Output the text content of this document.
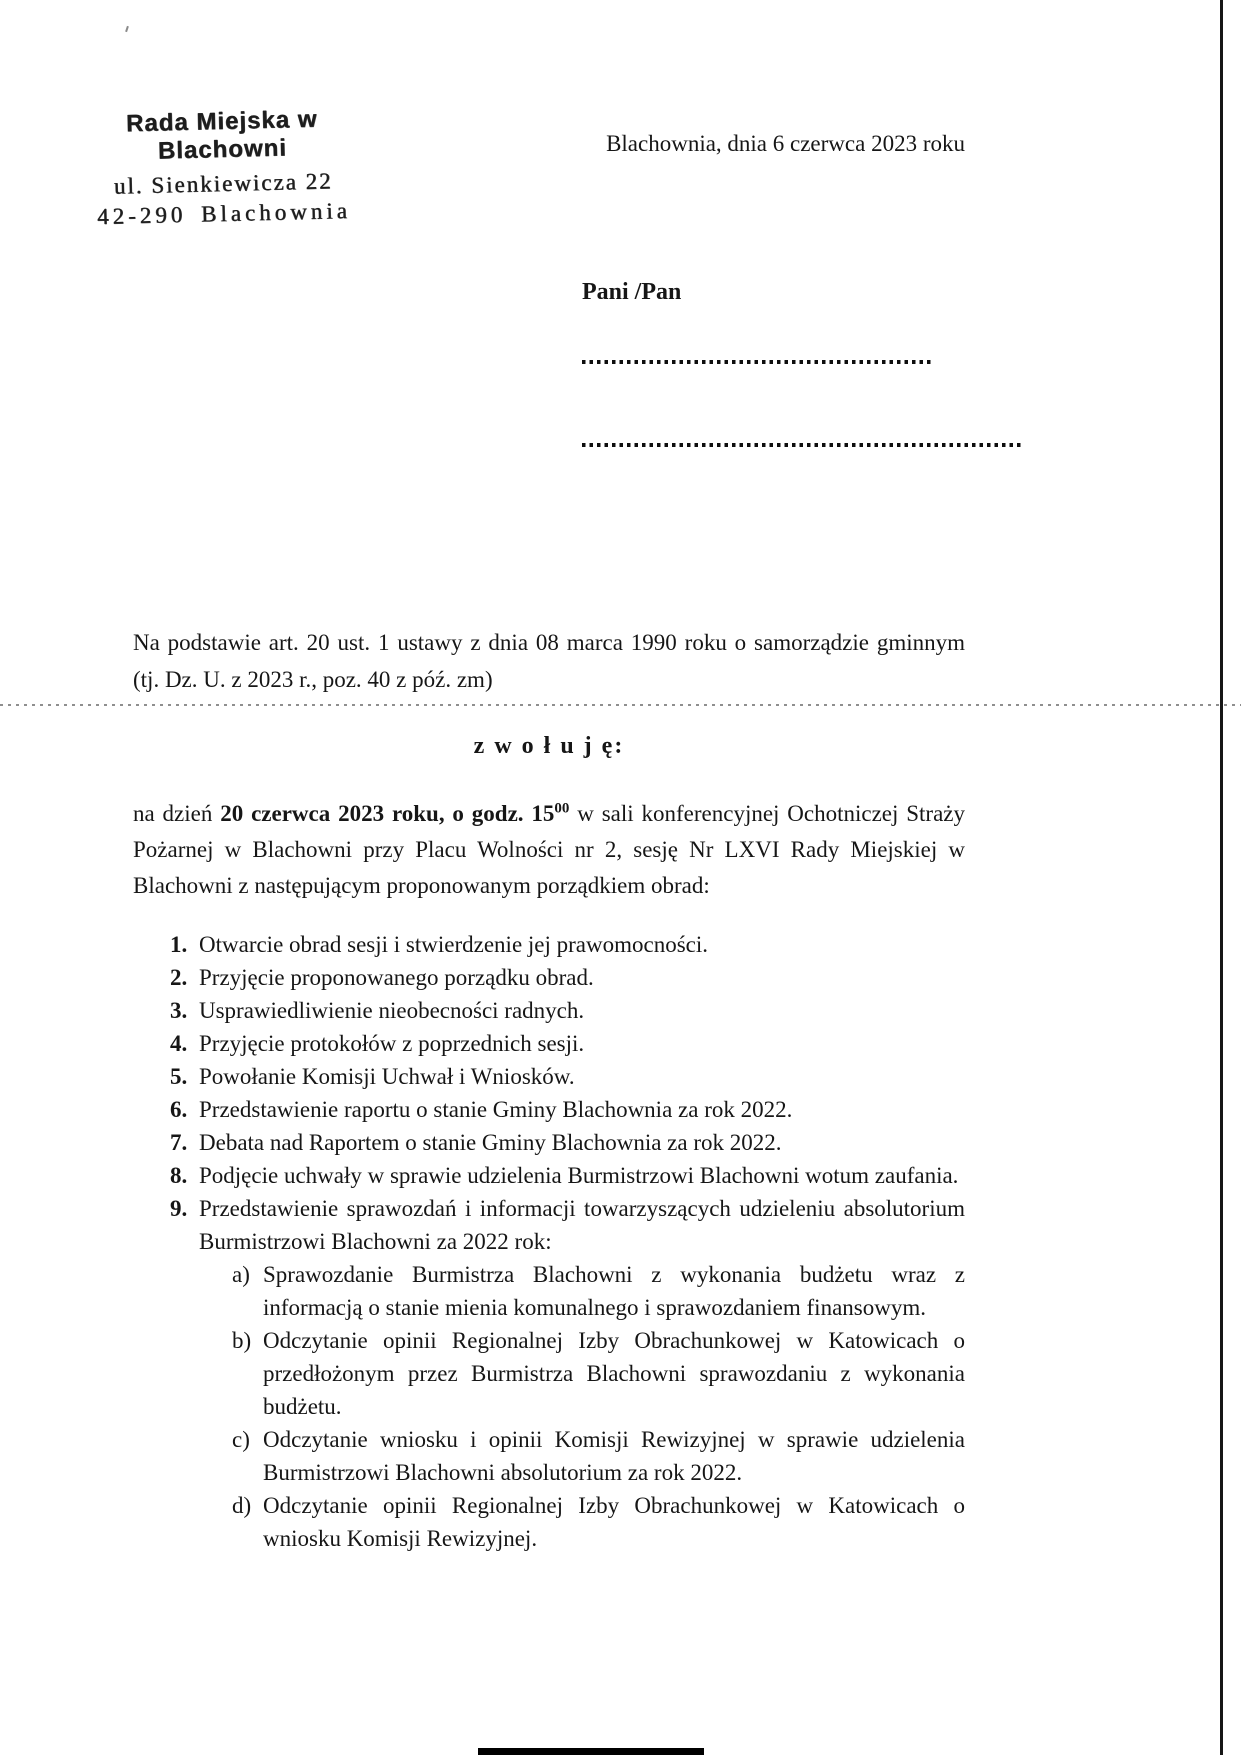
Rada Miejska w Blachowni
ul. Sienkiewicza 22
42-290 Blachownia
Blachownia, dnia 6 czerwca 2023 roku
Pani /Pan
Na podstawie art. 20 ust. 1 ustawy z dnia 08 marca 1990 roku o samorządzie gminnym (tj. Dz. U. z 2023 r., poz. 40 z póź. zm)
z w o ł u j ę:
na dzień 20 czerwca 2023 roku, o godz. $15^{00}$ w sali konferencyjnej Ochotniczej Straży Pożarnej w Blachowni przy Placu Wolności nr 2, sesję Nr LXVI Rady Miejskiej w Blachowni z następującym proponowanym porządkiem obrad:
1. Otwarcie obrad sesji i stwierdzenie jej prawomocności.
2. Przyjęcie proponowanego porządku obrad.
3. Usprawiedliwienie nieobecności radnych.
4. Przyjęcie protokołów z poprzednich sesji.
5. Powołanie Komisji Uchwał i Wniosków.
6. Przedstawienie raportu o stanie Gminy Blachownia za rok 2022.
7. Debata nad Raportem o stanie Gminy Blachownia za rok 2022.
8. Podjęcie uchwały w sprawie udzielenia Burmistrzowi Blachowni wotum zaufania.
9. Przedstawienie sprawozdań i informacji towarzyszących udzieleniu absolutorium Burmistrzowi Blachowni za 2022 rok:
a) Sprawozdanie Burmistrza Blachowni z wykonania budżetu wraz z informacją o stanie mienia komunalnego i sprawozdaniem finansowym.
b) Odczytanie opinii Regionalnej Izby Obrachunkowej w Katowicach o przedłożonym przez Burmistrza Blachowni sprawozdaniu z wykonania budżetu.
c) Odczytanie wniosku i opinii Komisji Rewizyjnej w sprawie udzielenia Burmistrzowi Blachowni absolutorium za rok 2022.
d) Odczytanie opinii Regionalnej Izby Obrachunkowej w Katowicach o wniosku Komisji Rewizyjnej.
